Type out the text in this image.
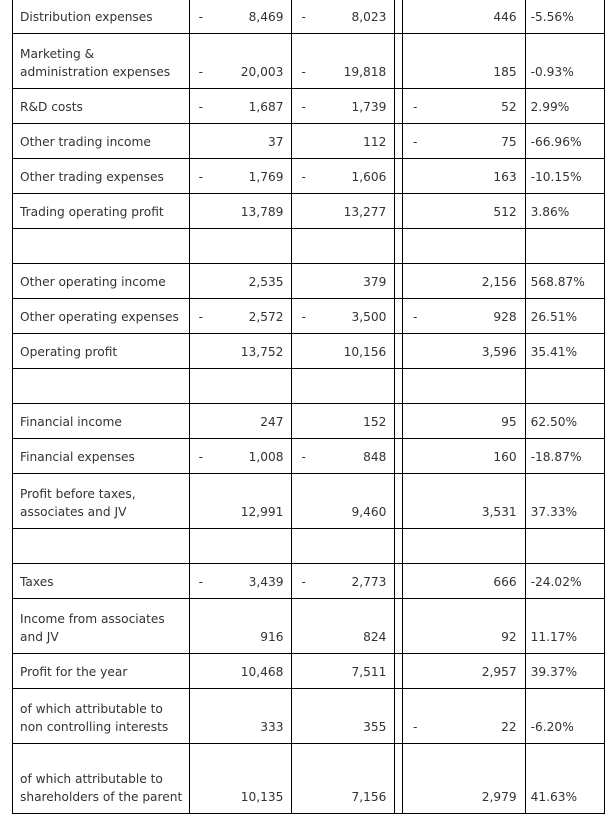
Distribution expenses	- 8,469	- 8,023		446	-5.56%
Marketing & administration expenses	- 20,003	- 19,818		185	-0.93%
R&D costs	- 1,687	- 1,739		- 52	2.99%
Other trading income	37	112		- 75	-66.96%
Other trading expenses	- 1,769	- 1,606		163	-10.15%
Trading operating profit	13,789	13,277		512	3.86%

Other operating income	2,535	379		2,156	568.87%
Other operating expenses	- 2,572	- 3,500		- 928	26.51%
Operating profit	13,752	10,156		3,596	35.41%

Financial income	247	152		95	62.50%
Financial expenses	- 1,008	- 848		160	-18.87%
Profit before taxes, associates and JV	12,991	9,460		3,531	37.33%

Taxes	- 3,439	- 2,773		666	-24.02%
Income from associates and JV	916	824		92	11.17%
Profit for the year	10,468	7,511		2,957	39.37%
of which attributable to non controlling interests	333	355		- 22	-6.20%
of which attributable to shareholders of the parent	10,135	7,156		2,979	41.63%
